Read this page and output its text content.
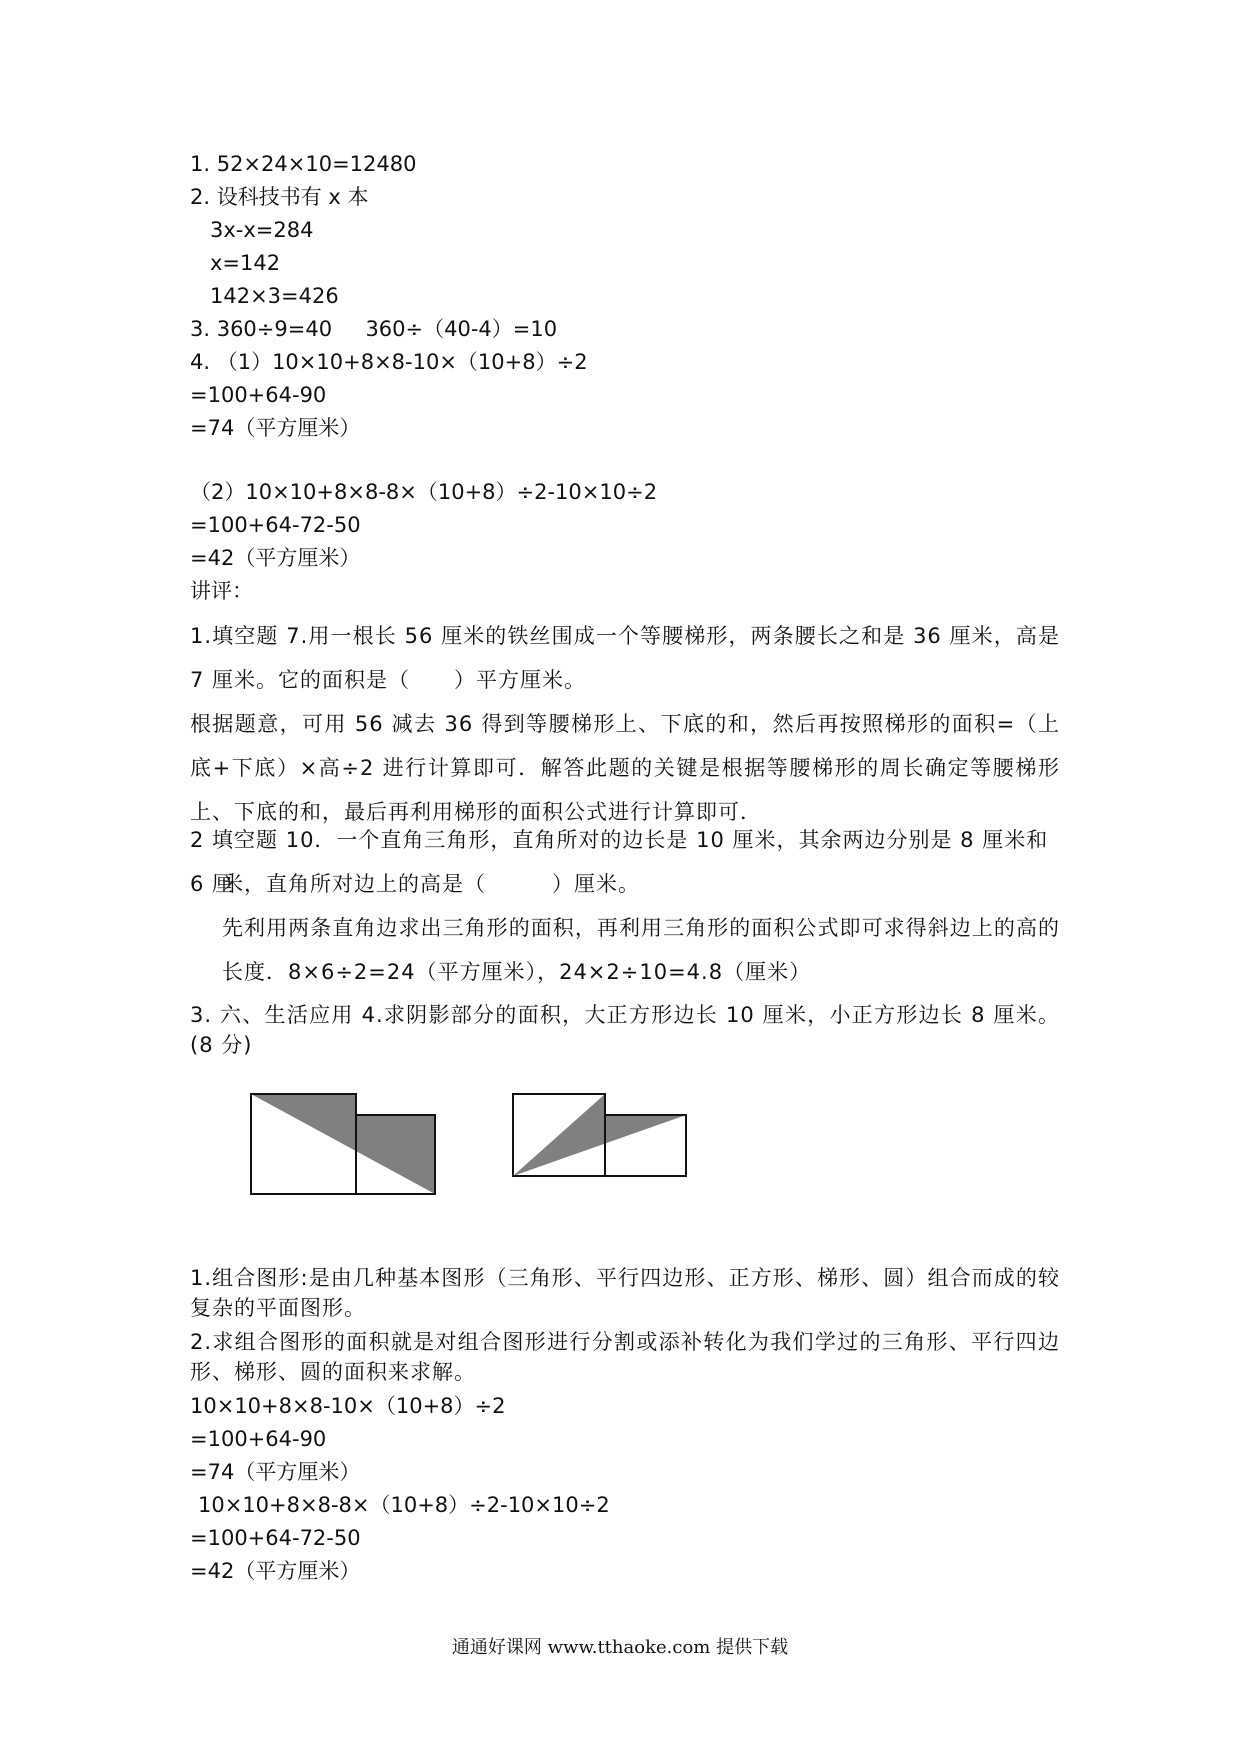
1. 52×24×10=12480
2. 设科技书有 x 本
3x-x=284
x=142
142×3=426
3. 360÷9=40     360÷（40-4）=10
4. （1）10×10+8×8-10×（10+8）÷2
=100+64-90
=74（平方厘米）
（2）10×10+8×8-8×（10+8）÷2-10×10÷2
=100+64-72-50
=42（平方厘米）
讲评：
1.填空题 7.用一根长 56 厘米的铁丝围成一个等腰梯形，两条腰长之和是 36 厘米，高是 7 厘米。它的面积是（　　）平方厘米。
根据题意，可用 56 减去 36 得到等腰梯形上、下底的和，然后再按照梯形的面积=（上底+下底）×高÷2 进行计算即可．解答此题的关键是根据等腰梯形的周长确定等腰梯形上、下底的和，最后再利用梯形的面积公式进行计算即可．
2 填空题 10．一个直角三角形，直角所对的边长是 10 厘米，其余两边分别是 8 厘米和 6 厘
米，直角所对边上的高是（　　　）厘米。
先利用两条直角边求出三角形的面积，再利用三角形的面积公式即可求得斜边上的高的长度．8×6÷2=24（平方厘米），24×2÷10=4.8（厘米）
3. 六、生活应用 4.求阴影部分的面积，大正方形边长 10 厘米，小正方形边长 8 厘米。(8 分)
1.组合图形:是由几种基本图形（三角形、平行四边形、正方形、梯形、圆）组合而成的较复杂的平面图形。
2.求组合图形的面积就是对组合图形进行分割或添补转化为我们学过的三角形、平行四边形、梯形、圆的面积来求解。
10×10+8×8-10×（10+8）÷2
=100+64-90
=74（平方厘米）
10×10+8×8-8×（10+8）÷2-10×10÷2
=100+64-72-50
=42（平方厘米）
通通好课网 www.tthaoke.com 提供下载
